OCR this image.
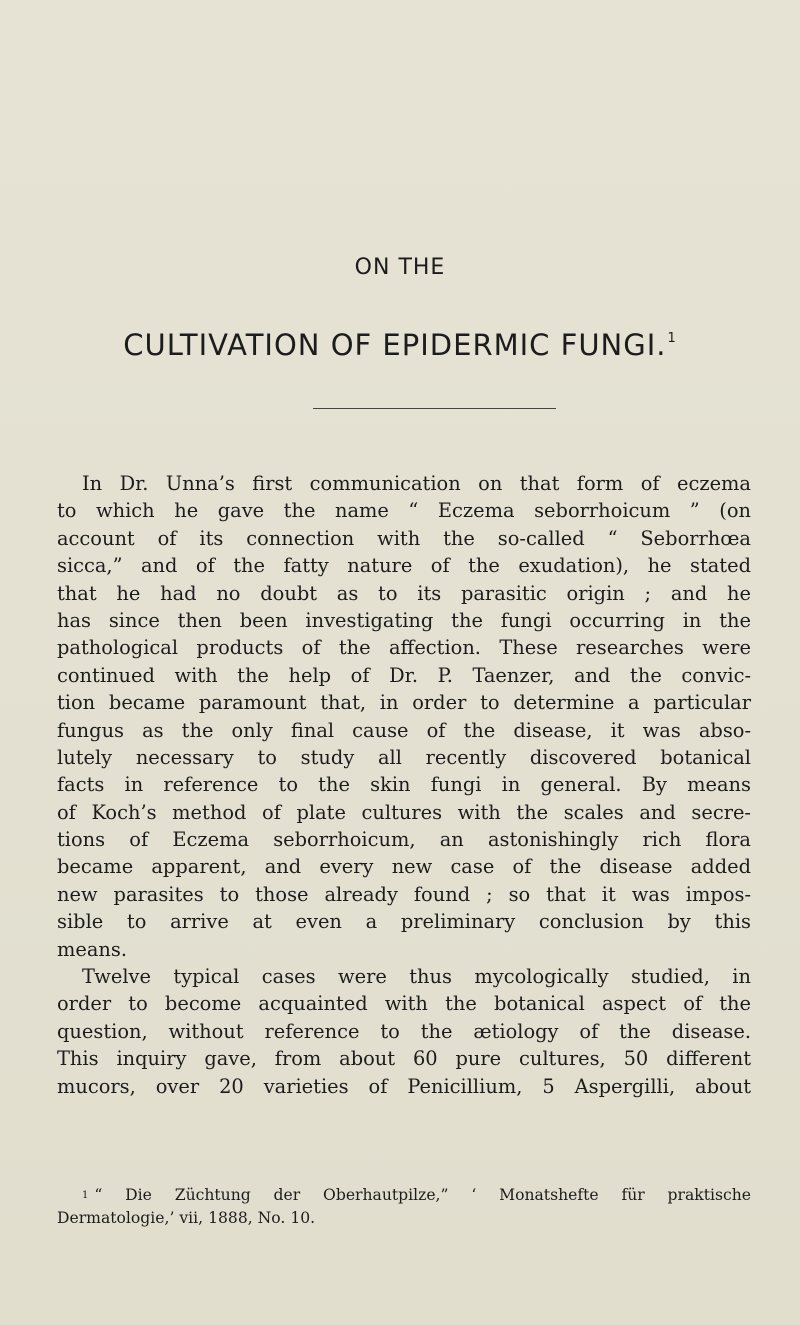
ON THE
CULTIVATION OF EPIDERMIC FUNGI.$^1$
In Dr. Unna’s first communication on that form of eczema
to which he gave the name “ Eczema seborrhoicum ” (on
account of its connection with the so-called “ Seborrhœa
sicca,” and of the fatty nature of the exudation), he stated
that he had no doubt as to its parasitic origin ; and he
has since then been investigating the fungi occurring in the
pathological products of the affection. These researches were
continued with the help of Dr. P. Taenzer, and the convic-
tion became paramount that, in order to determine a particular
fungus as the only final cause of the disease, it was abso-
lutely necessary to study all recently discovered botanical
facts in reference to the skin fungi in general. By means
of Koch’s method of plate cultures with the scales and secre-
tions of Eczema seborrhoicum, an astonishingly rich flora
became apparent, and every new case of the disease added
new parasites to those already found ; so that it was impos-
sible to arrive at even a preliminary conclusion by this
means.
Twelve typical cases were thus mycologically studied, in
order to become acquainted with the botanical aspect of the
question, without reference to the ætiology of the disease.
This inquiry gave, from about 60 pure cultures, 50 different
mucors, over 20 varieties of Penicillium, 5 Aspergilli, about
$^1$ “ Die Züchtung der Oberhautpilze,” ‘ Monatshefte für praktische
Dermatologie,’ vii, 1888, No. 10.
